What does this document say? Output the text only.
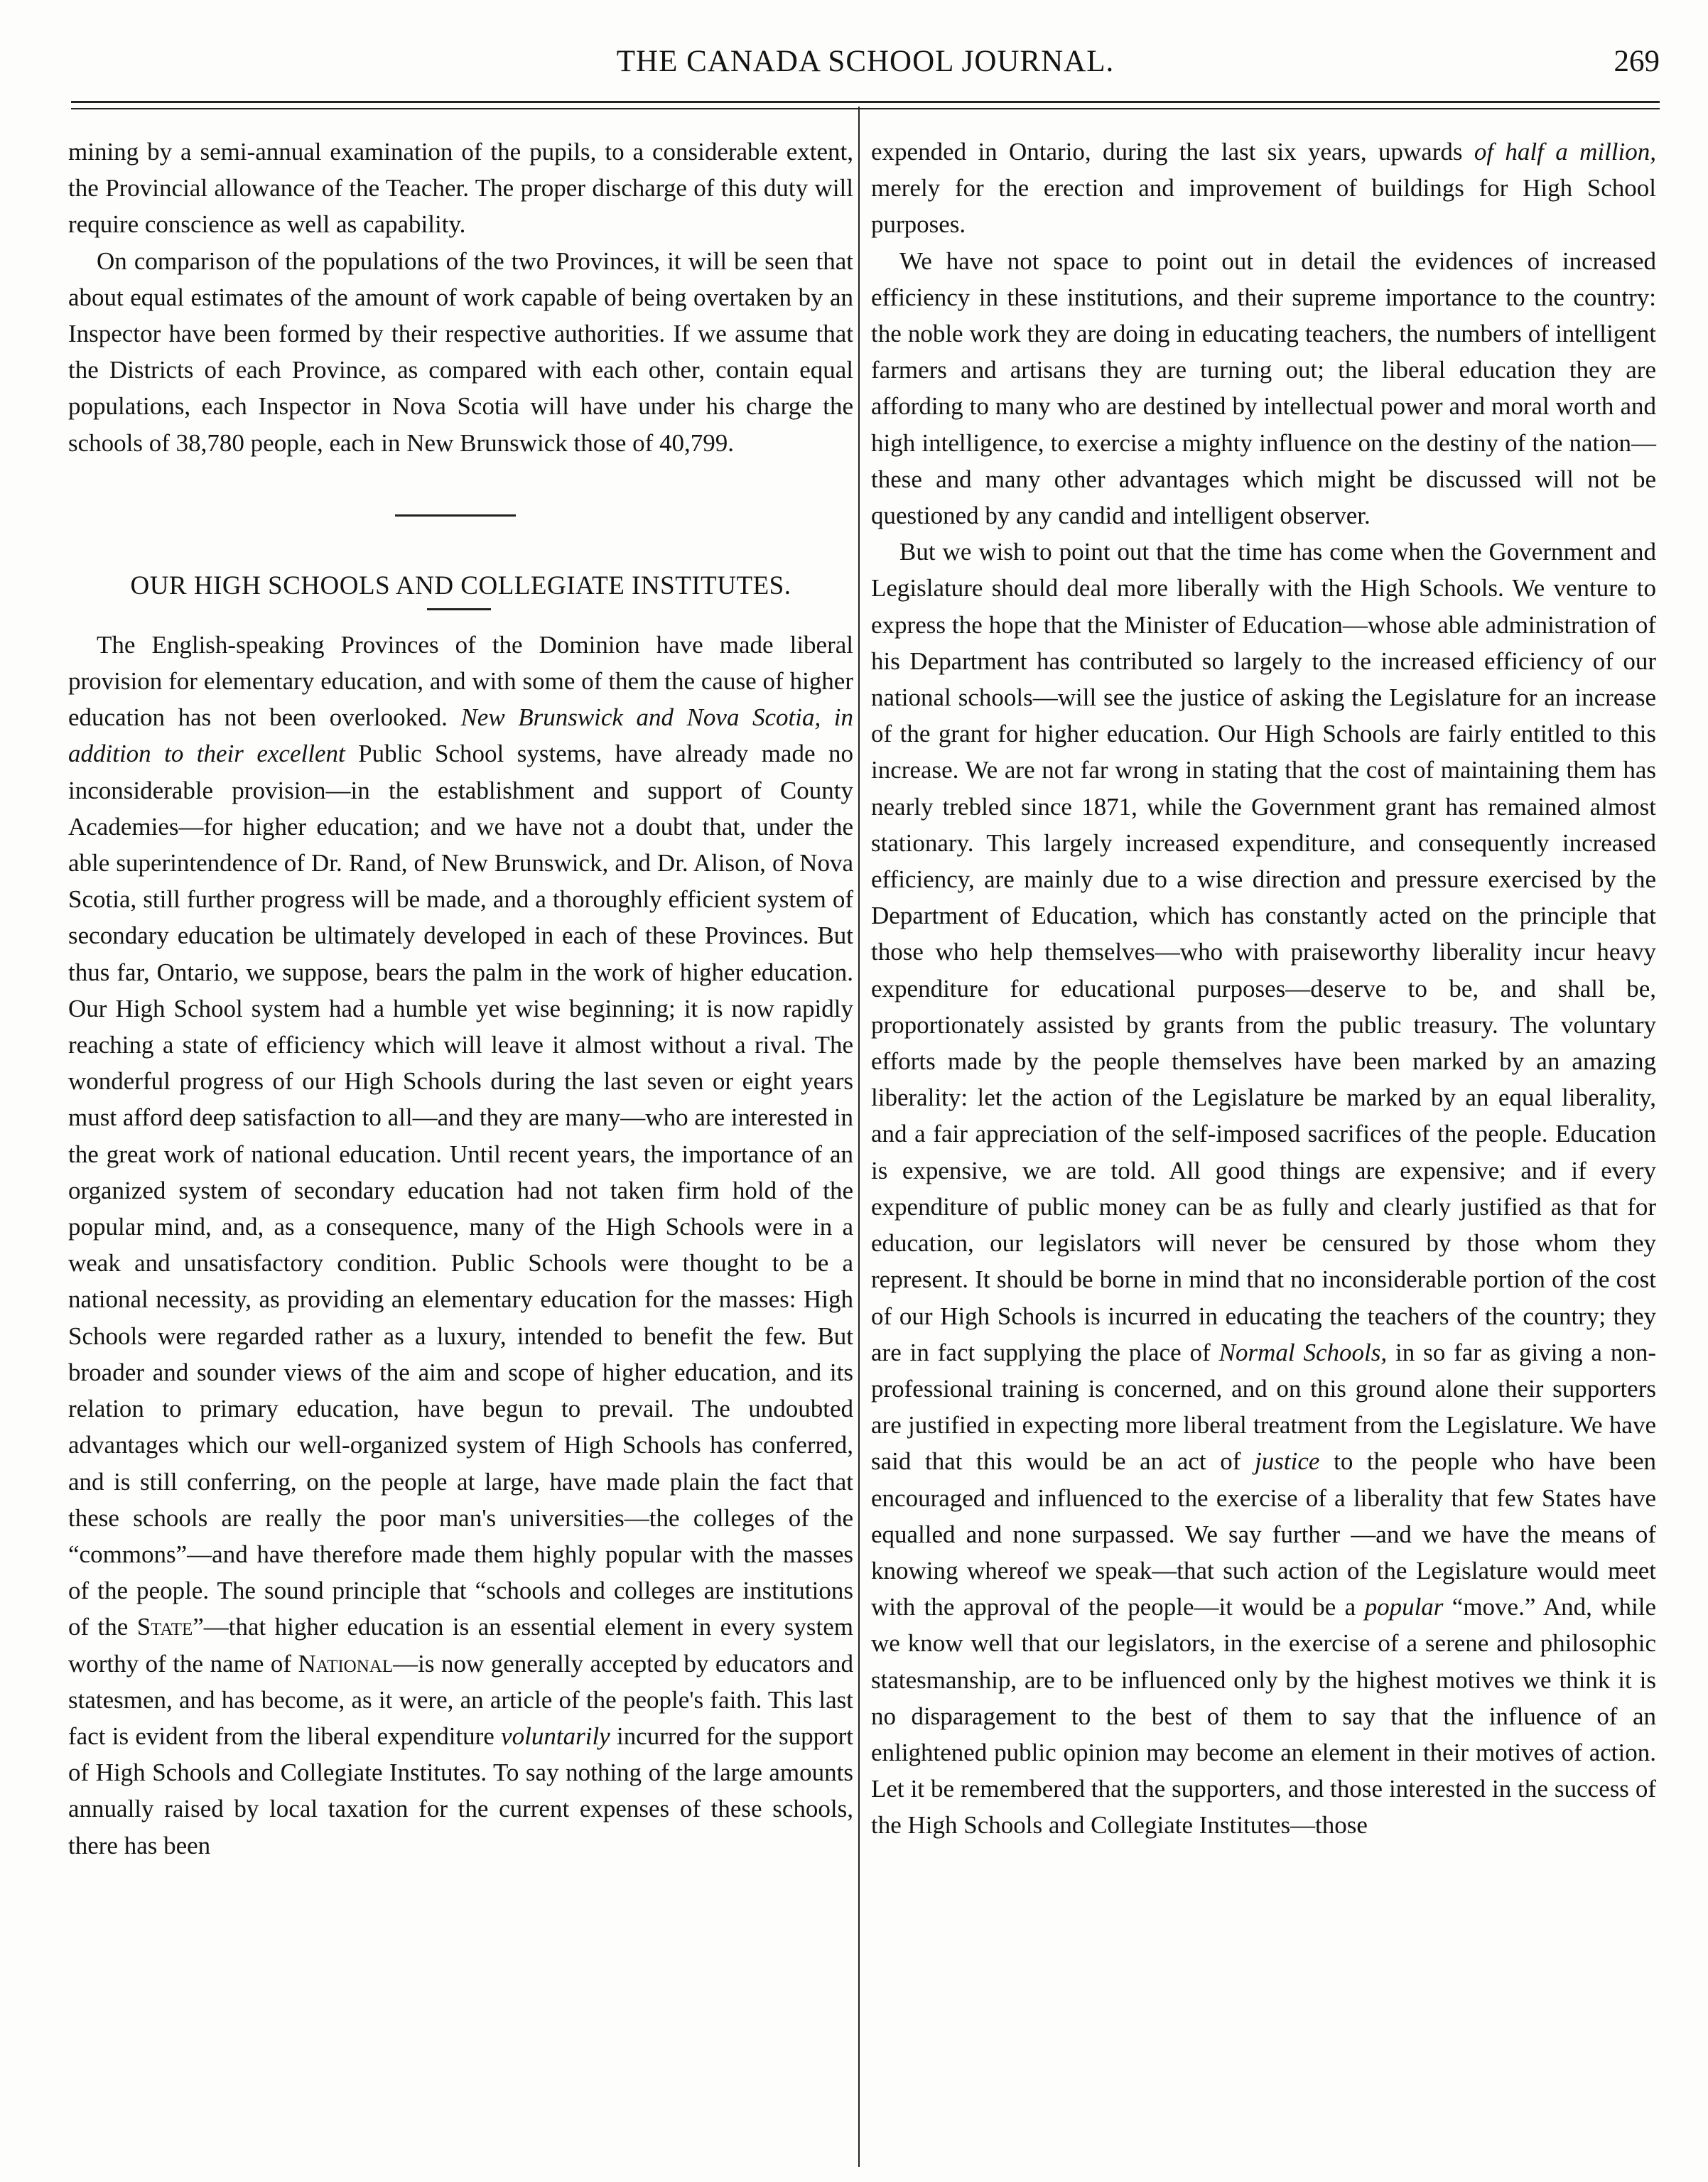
THE CANADA SCHOOL JOURNAL.	269

mining by a semi-annual examination of the pupils, to a considerable extent, the Provincial allowance of the Teacher. The proper discharge of this duty will require conscience as well as capability.

On comparison of the populations of the two Provinces, it will be seen that about equal estimates of the amount of work capable of being overtaken by an Inspector have been formed by their respective authorities. If we assume that the Districts of each Province, as compared with each other, contain equal populations, each Inspector in Nova Scotia will have under his charge the schools of 38,780 people, each in New Brunswick those of 40,799.

OUR HIGH SCHOOLS AND COLLEGIATE INSTITUTES.

The English-speaking Provinces of the Dominion have made liberal provision for elementary education, and with some of them the cause of higher education has not been overlooked. New Brunswick and Nova Scotia, in addition to their excellent Public School systems, have already made no inconsiderable provision—in the establishment and support of County Academies—for higher education; and we have not a doubt that, under the able superintendence of Dr. Rand, of New Brunswick, and Dr. Alison, of Nova Scotia, still further progress will be made, and a thoroughly efficient system of secondary education be ultimately developed in each of these Provinces. But thus far, Ontario, we suppose, bears the palm in the work of higher education. Our High School system had a humble yet wise beginning; it is now rapidly reaching a state of efficiency which will leave it almost without a rival. The wonderful progress of our High Schools during the last seven or eight years must afford deep satisfaction to all—and they are many—who are interested in the great work of national education. Until recent years, the importance of an organized system of secondary education had not taken firm hold of the popular mind, and, as a consequence, many of the High Schools were in a weak and unsatisfactory condition. Public Schools were thought to be a national necessity, as providing an elementary education for the masses: High Schools were regarded rather as a luxury, intended to benefit the few. But broader and sounder views of the aim and scope of higher education, and its relation to primary education, have begun to prevail. The undoubted advantages which our well-organized system of High Schools has conferred, and is still conferring, on the people at large, have made plain the fact that these schools are really the poor man's universities—the colleges of the “commons”—and have therefore made them highly popular with the masses of the people. The sound principle that “schools and colleges are institutions of the State”—that higher education is an essential element in every system worthy of the name of National—is now generally accepted by educators and statesmen, and has become, as it were, an article of the people's faith. This last fact is evident from the liberal expenditure voluntarily incurred for the support of High Schools and Collegiate Institutes. To say nothing of the large amounts annually raised by local taxation for the current expenses of these schools, there has been

expended in Ontario, during the last six years, upwards of half a million, merely for the erection and improvement of buildings for High School purposes.

We have not space to point out in detail the evidences of increased efficiency in these institutions, and their supreme importance to the country: the noble work they are doing in educating teachers, the numbers of intelligent farmers and artisans they are turning out; the liberal education they are affording to many who are destined by intellectual power and moral worth and high intelligence, to exercise a mighty influence on the destiny of the nation—these and many other advantages which might be discussed will not be questioned by any candid and intelligent observer.

But we wish to point out that the time has come when the Government and Legislature should deal more liberally with the High Schools. We venture to express the hope that the Minister of Education—whose able administration of his Department has contributed so largely to the increased efficiency of our national schools—will see the justice of asking the Legislature for an increase of the grant for higher education. Our High Schools are fairly entitled to this increase. We are not far wrong in stating that the cost of maintaining them has nearly trebled since 1871, while the Government grant has remained almost stationary. This largely increased expenditure, and consequently increased efficiency, are mainly due to a wise direction and pressure exercised by the Department of Education, which has constantly acted on the principle that those who help themselves—who with praiseworthy liberality incur heavy expenditure for educational purposes—deserve to be, and shall be, proportionately assisted by grants from the public treasury. The voluntary efforts made by the people themselves have been marked by an amazing liberality: let the action of the Legislature be marked by an equal liberality, and a fair appreciation of the self-imposed sacrifices of the people. Education is expensive, we are told. All good things are expensive; and if every expenditure of public money can be as fully and clearly justified as that for education, our legislators will never be censured by those whom they represent. It should be borne in mind that no inconsiderable portion of the cost of our High Schools is incurred in educating the teachers of the country; they are in fact supplying the place of Normal Schools, in so far as giving a non-professional training is concerned, and on this ground alone their supporters are justified in expecting more liberal treatment from the Legislature. We have said that this would be an act of justice to the people who have been encouraged and influenced to the exercise of a liberality that few States have equalled and none surpassed. We say further —and we have the means of knowing whereof we speak—that such action of the Legislature would meet with the approval of the people—it would be a popular “move.” And, while we know well that our legislators, in the exercise of a serene and philosophic statesmanship, are to be influenced only by the highest motives we think it is no disparagement to the best of them to say that the influence of an enlightened public opinion may become an element in their motives of action. Let it be remembered that the supporters, and those interested in the success of the High Schools and Collegiate Institutes—those
